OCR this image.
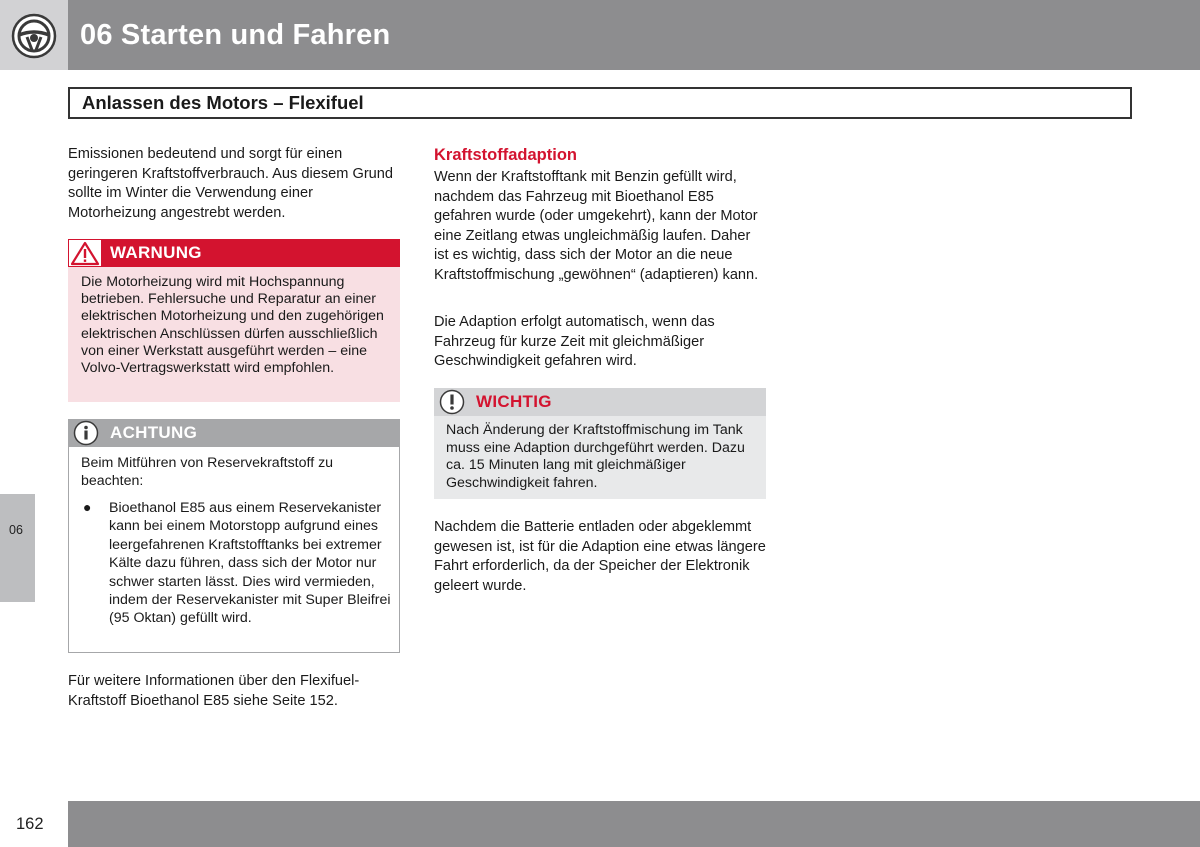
06 Starten und Fahren
Anlassen des Motors – Flexifuel
Emissionen bedeutend und sorgt für einen geringeren Kraftstoffverbrauch. Aus diesem Grund sollte im Winter die Verwendung einer Motorheizung angestrebt werden.
WARNUNG
Die Motorheizung wird mit Hochspannung betrieben. Fehlersuche und Reparatur an einer elektrischen Motorheizung und den zugehörigen elektrischen Anschlüssen dürfen ausschließlich von einer Werkstatt ausgeführt werden – eine Volvo-Vertragswerkstatt wird empfohlen.
ACHTUNG
Beim Mitführen von Reservekraftstoff zu beachten:
● Bioethanol E85 aus einem Reservekanister kann bei einem Motorstopp aufgrund eines leergefahrenen Kraftstofftanks bei extremer Kälte dazu führen, dass sich der Motor nur schwer starten lässt. Dies wird vermieden, indem der Reservekanister mit Super Bleifrei (95 Oktan) gefüllt wird.
Für weitere Informationen über den Flexifuel-Kraftstoff Bioethanol E85 siehe Seite 152.
Kraftstoffadaption
Wenn der Kraftstofftank mit Benzin gefüllt wird, nachdem das Fahrzeug mit Bioethanol E85 gefahren wurde (oder umgekehrt), kann der Motor eine Zeitlang etwas ungleichmäßig laufen. Daher ist es wichtig, dass sich der Motor an die neue Kraftstoffmischung „gewöhnen“ (adaptieren) kann.
Die Adaption erfolgt automatisch, wenn das Fahrzeug für kurze Zeit mit gleichmäßiger Geschwindigkeit gefahren wird.
WICHTIG
Nach Änderung der Kraftstoffmischung im Tank muss eine Adaption durchgeführt werden. Dazu ca. 15 Minuten lang mit gleichmäßiger Geschwindigkeit fahren.
Nachdem die Batterie entladen oder abgeklemmt gewesen ist, ist für die Adaption eine etwas längere Fahrt erforderlich, da der Speicher der Elektronik geleert wurde.
06
162
